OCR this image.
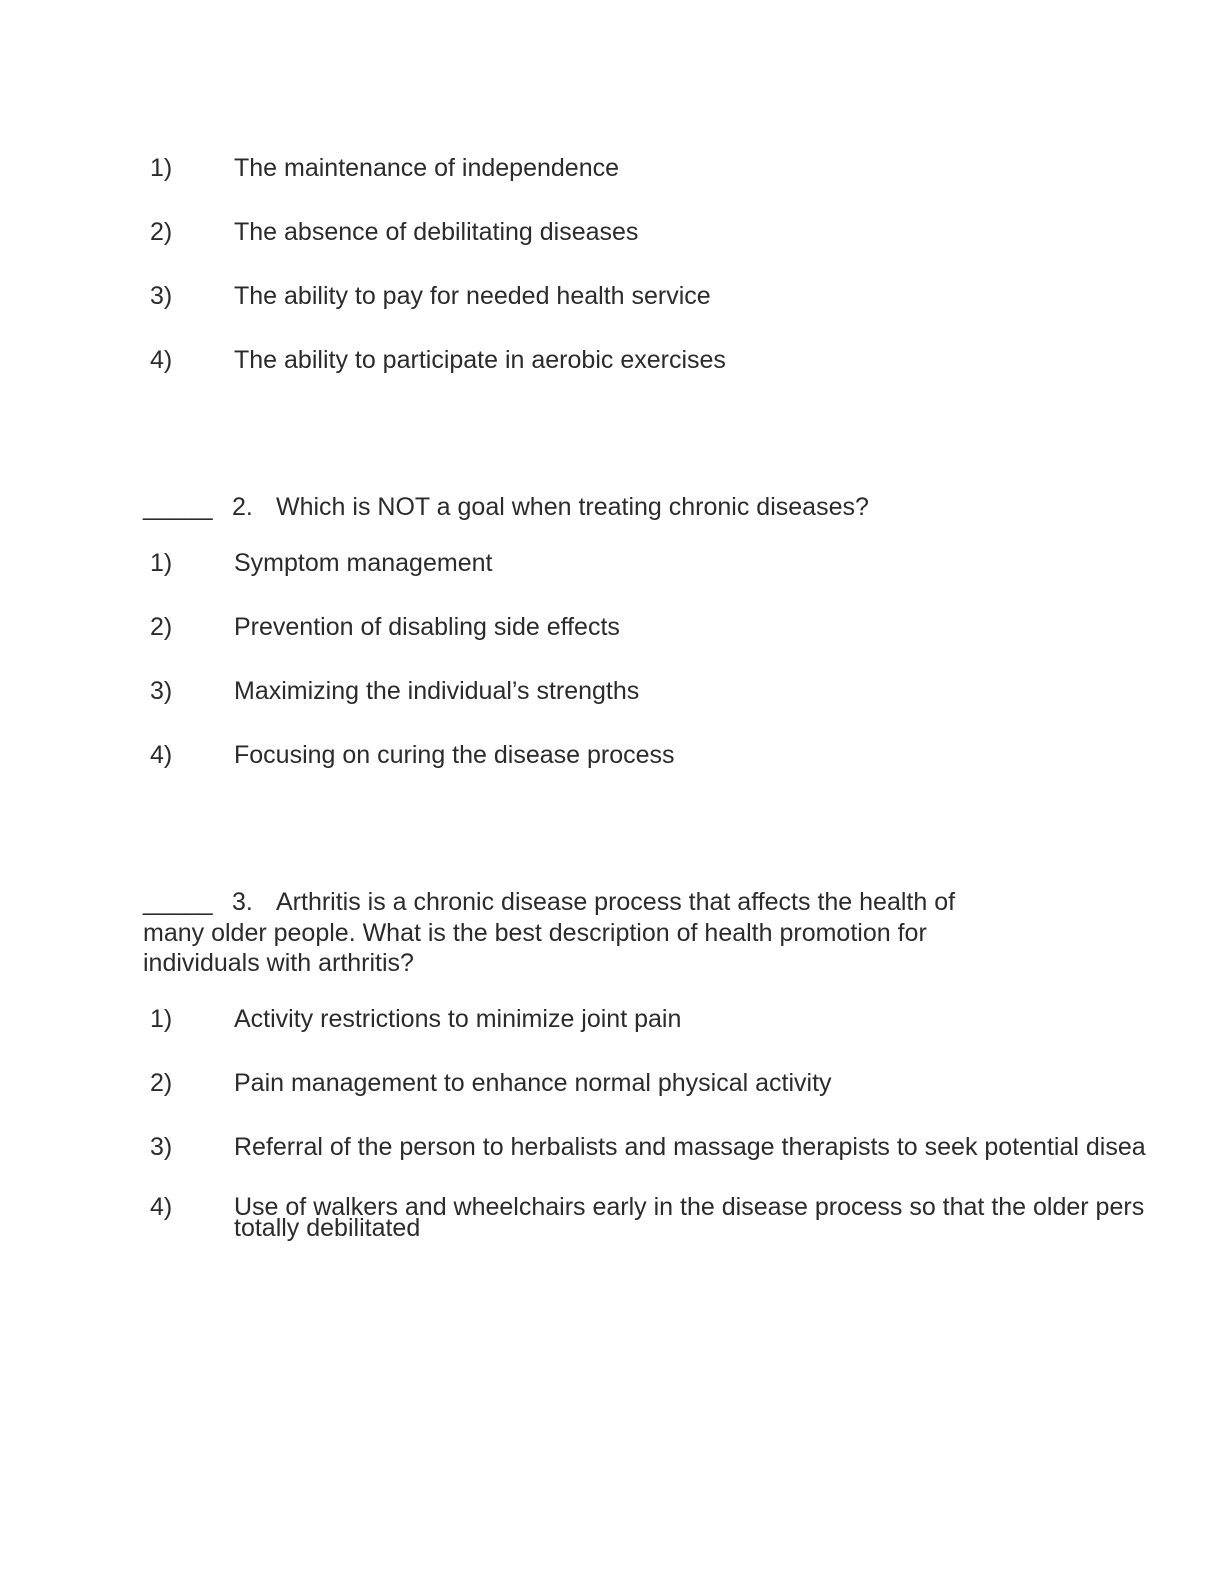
1) The maintenance of independence
2) The absence of debilitating diseases
3) The ability to pay for needed health service
4) The ability to participate in aerobic exercises
_____ 2. Which is NOT a goal when treating chronic diseases?
1) Symptom management
2) Prevention of disabling side effects
3) Maximizing the individual’s strengths
4) Focusing on curing the disease process
_____ 3. Arthritis is a chronic disease process that affects the health of
many older people. What is the best description of health promotion for
individuals with arthritis?
1) Activity restrictions to minimize joint pain
2) Pain management to enhance normal physical activity
3) Referral of the person to herbalists and massage therapists to seek potential disea
4) Use of walkers and wheelchairs early in the disease process so that the older pers
totally debilitated
